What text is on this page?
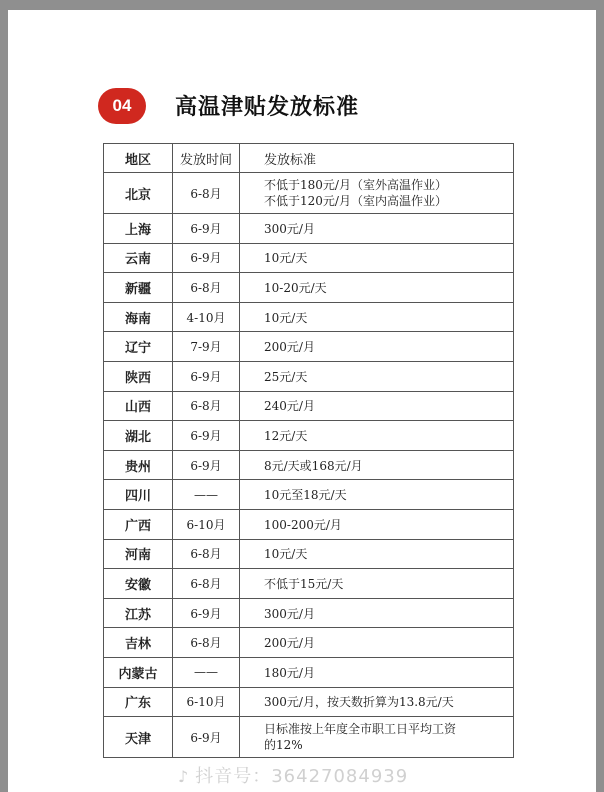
04	高温津贴发放标准
地区	发放时间	发放标准
北京	6-8月	不低于180元/月（室外高温作业）
不低于120元/月（室内高温作业）

上海	6-9月	300元/月
云南	6-9月	10元/天
新疆	6-8月	10-20元/天
海南	4-10月	10元/天
辽宁	7-9月	200元/月
陕西	6-9月	25元/天
山西	6-8月	240元/月
湖北	6-9月	12元/天
贵州	6-9月	8元/天或168元/月
四川	——	10元至18元/天
广西	6-10月	100-200元/月
河南	6-8月	10元/天
安徽	6-8月	不低于15元/天
江苏	6-9月	300元/月
吉林	6-8月	200元/月
内蒙古	——	180元/月
广东	6-10月	300元/月，按天数折算为13.8元/天
天津	6-9月	日标准按上年度全市职工日平均工资
的12%
♪ 抖音号：36427084939
